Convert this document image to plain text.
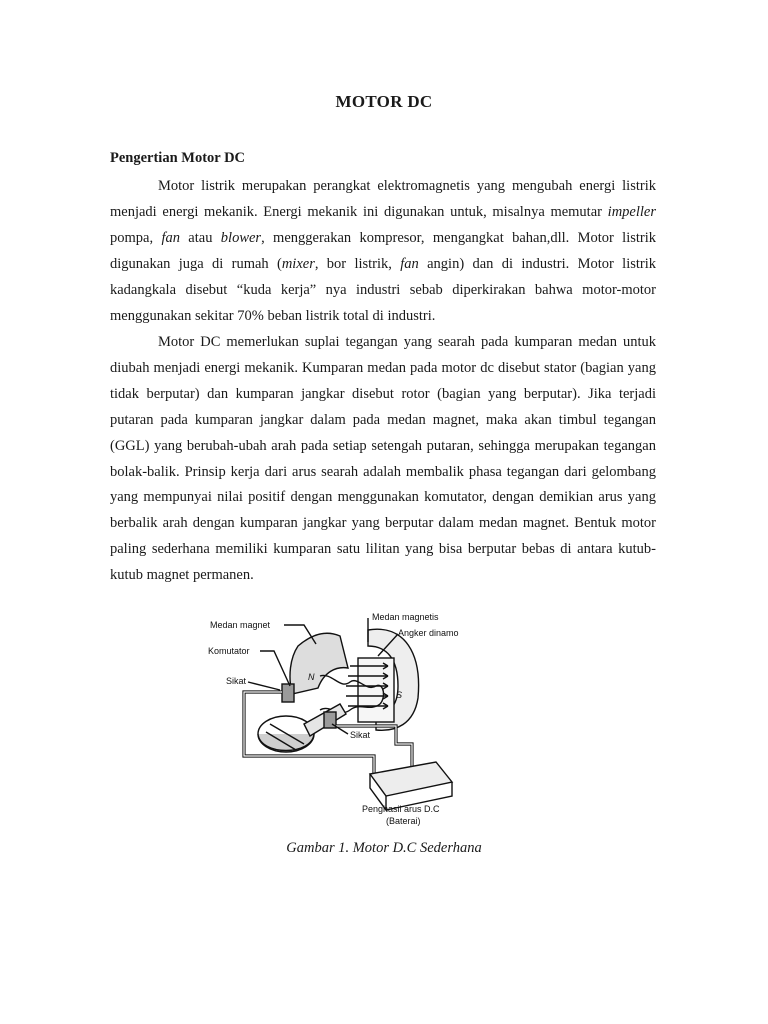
MOTOR DC
Pengertian Motor DC

Motor listrik merupakan perangkat elektromagnetis yang mengubah energi listrik menjadi energi mekanik. Energi mekanik ini digunakan untuk, misalnya memutar impeller pompa, fan atau blower, menggerakan kompresor, mengangkat bahan,dll. Motor listrik digunakan juga di rumah (mixer, bor listrik, fan angin) dan di industri. Motor listrik kadangkala disebut “kuda kerja” nya industri sebab diperkirakan bahwa motor-motor menggunakan sekitar 70% beban listrik total di industri.

Motor DC memerlukan suplai tegangan yang searah pada kumparan medan untuk diubah menjadi energi mekanik. Kumparan medan pada motor dc disebut stator (bagian yang tidak berputar) dan kumparan jangkar disebut rotor (bagian yang berputar). Jika terjadi putaran pada kumparan jangkar dalam pada medan magnet, maka akan timbul tegangan (GGL) yang berubah-ubah arah pada setiap setengah putaran, sehingga merupakan tegangan bolak-balik. Prinsip kerja dari arus searah adalah membalik phasa tegangan dari gelombang yang mempunyai nilai positif dengan menggunakan komutator, dengan demikian arus yang berbalik arah dengan kumparan jangkar yang berputar dalam medan magnet. Bentuk motor paling sederhana memiliki kumparan satu lilitan yang bisa berputar bebas di antara kutub-kutub magnet permanen.

Medan magnet
Komutator
Sikat
Medan magnetis
Angker dinamo
Sikat
N
S
Penghasil arus D.C
(Baterai)
Gambar 1. Motor D.C Sederhana
